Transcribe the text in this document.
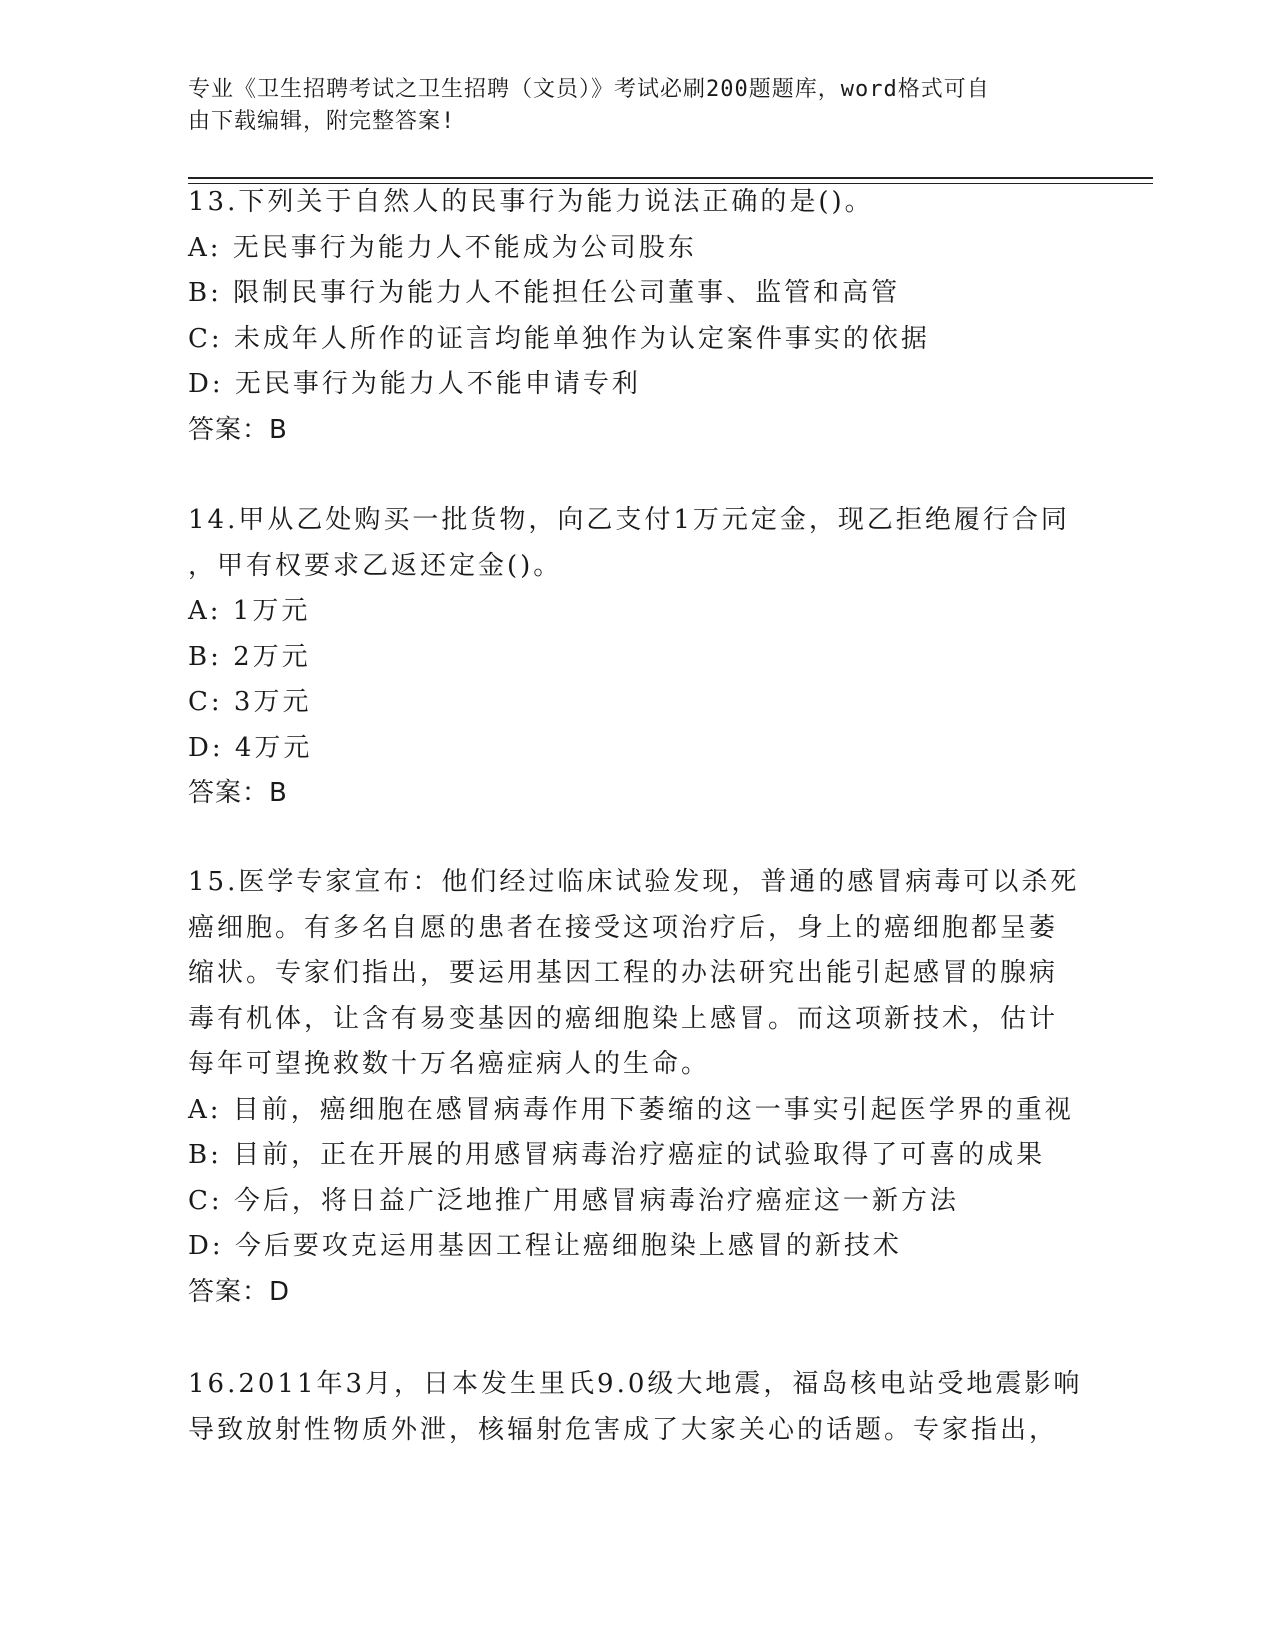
专业《卫生招聘考试之卫生招聘（文员）》考试必刷200题题库，word格式可自
由下载编辑，附完整答案!
13.下列关于自然人的民事行为能力说法正确的是()。
A: 无民事行为能力人不能成为公司股东
B: 限制民事行为能力人不能担任公司董事、监管和高管
C: 未成年人所作的证言均能单独作为认定案件事实的依据
D: 无民事行为能力人不能申请专利
答案：B
14.甲从乙处购买一批货物，向乙支付1万元定金，现乙拒绝履行合同
，甲有权要求乙返还定金()。
A: 1万元
B: 2万元
C: 3万元
D: 4万元
答案：B
15.医学专家宣布：他们经过临床试验发现，普通的感冒病毒可以杀死
癌细胞。有多名自愿的患者在接受这项治疗后，身上的癌细胞都呈萎
缩状。专家们指出，要运用基因工程的办法研究出能引起感冒的腺病
毒有机体，让含有易变基因的癌细胞染上感冒。而这项新技术，估计
每年可望挽救数十万名癌症病人的生命。
A: 目前，癌细胞在感冒病毒作用下萎缩的这一事实引起医学界的重视
B: 目前，正在开展的用感冒病毒治疗癌症的试验取得了可喜的成果
C: 今后，将日益广泛地推广用感冒病毒治疗癌症这一新方法
D: 今后要攻克运用基因工程让癌细胞染上感冒的新技术
答案：D
16.2011年3月，日本发生里氏9.0级大地震，福岛核电站受地震影响
导致放射性物质外泄，核辐射危害成了大家关心的话题。专家指出，
